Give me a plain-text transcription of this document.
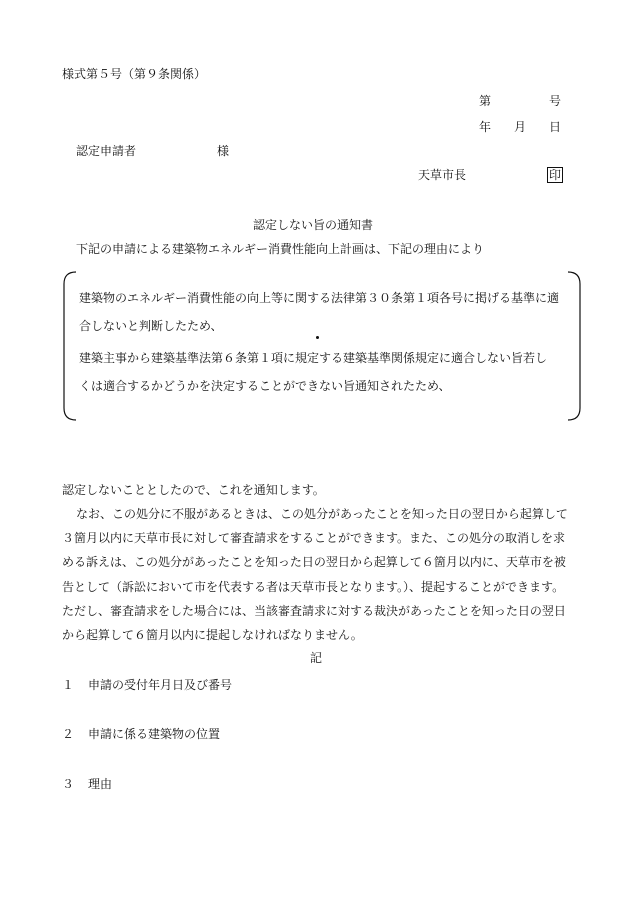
様式第５号（第９条関係）
第	号
年 月 日
認定申請者	様
天草市長	印
認定しない旨の通知書
下記の申請による建築物エネルギー消費性能向上計画は、下記の理由により
建築物のエネルギー消費性能の向上等に関する法律第３０条第１項各号に掲げる基準に適
合しないと判断したため、
建築主事から建築基準法第６条第１項に規定する建築基準関係規定に適合しない旨若し
くは適合するかどうかを決定することができない旨通知されたため、
認定しないこととしたので、これを通知します。
なお、この処分に不服があるときは、この処分があったことを知った日の翌日から起算して
３箇月以内に天草市長に対して審査請求をすることができます。また、この処分の取消しを求
める訴えは、この処分があったことを知った日の翌日から起算して６箇月以内に、天草市を被
告として（訴訟において市を代表する者は天草市長となります。）、提起することができます。
ただし、審査請求をした場合には、当該審査請求に対する裁決があったことを知った日の翌日
から起算して６箇月以内に提起しなければなりません。
記
１ 申請の受付年月日及び番号
２ 申請に係る建築物の位置
３ 理由
